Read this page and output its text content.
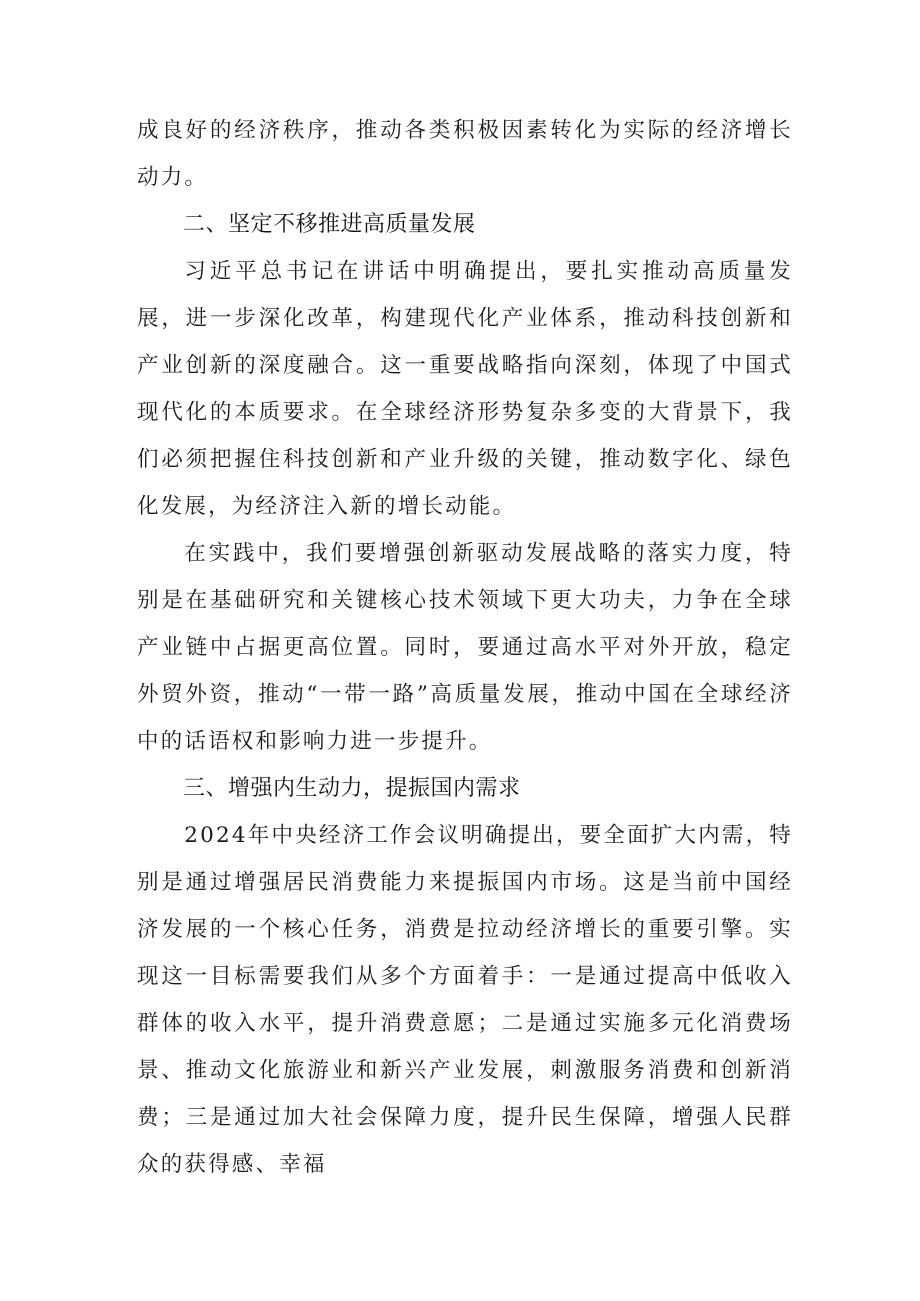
成良好的经济秩序，推动各类积极因素转化为实际的经济增长动力。

二、坚定不移推进高质量发展

习近平总书记在讲话中明确提出，要扎实推动高质量发展，进一步深化改革，构建现代化产业体系，推动科技创新和产业创新的深度融合。这一重要战略指向深刻，体现了中国式现代化的本质要求。在全球经济形势复杂多变的大背景下，我们必须把握住科技创新和产业升级的关键，推动数字化、绿色化发展，为经济注入新的增长动能。

在实践中，我们要增强创新驱动发展战略的落实力度，特别是在基础研究和关键核心技术领域下更大功夫，力争在全球产业链中占据更高位置。同时，要通过高水平对外开放，稳定外贸外资，推动“一带一路”高质量发展，推动中国在全球经济中的话语权和影响力进一步提升。

三、增强内生动力，提振国内需求

2024年中央经济工作会议明确提出，要全面扩大内需，特别是通过增强居民消费能力来提振国内市场。这是当前中国经济发展的一个核心任务，消费是拉动经济增长的重要引擎。实现这一目标需要我们从多个方面着手：一是通过提高中低收入群体的收入水平，提升消费意愿；二是通过实施多元化消费场景、推动文化旅游业和新兴产业发展，刺激服务消费和创新消费；三是通过加大社会保障力度，提升民生保障，增强人民群众的获得感、幸福
